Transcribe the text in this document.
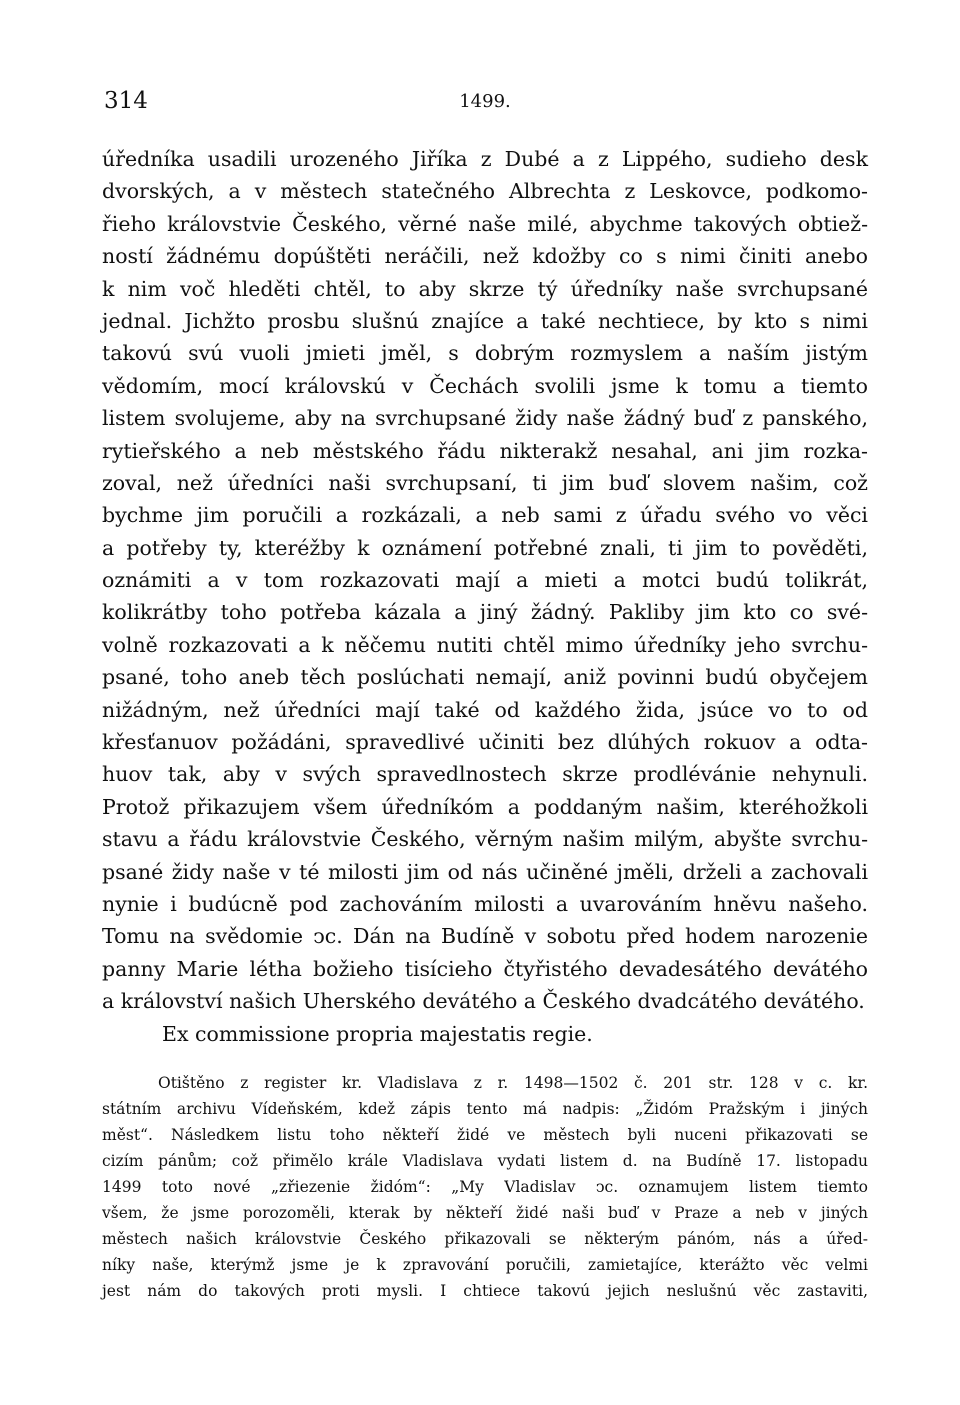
314	1499.
úředníka usadili urozeného Jiříka z Dubé a z Lippého, sudieho desk
dvorských, a v městech statečného Albrechta z Leskovce, podkomo-
řieho královstvie Českého, věrné naše milé, abychme takových obtiež-
ností žádnému dopúštěti neráčili, než kdožby co s nimi činiti anebo
k nim voč hleděti chtěl, to aby skrze tý úředníky naše svrchupsané
jednal. Jichžto prosbu slušnú znajíce a také nechtiece, by kto s nimi
takovú svú vuoli jmieti jměl, s dobrým rozmyslem a naším jistým
vědomím, mocí královskú v Čechách svolili jsme k tomu a tiemto
listem svolujeme, aby na svrchupsané židy naše žádný buď z panského,
rytieřského a neb městského řádu nikterakž nesahal, ani jim rozka-
zoval, než úředníci naši svrchupsaní, ti jim buď slovem našim, což
bychme jim poručili a rozkázali, a neb sami z úřadu svého vo věci
a potřeby ty, kteréžby k oznámení potřebné znali, ti jim to pověděti,
oznámiti a v tom rozkazovati mají a mieti a motci budú tolikrát,
kolikrátby toho potřeba kázala a jiný žádný. Pakliby jim kto co své-
volně rozkazovati a k něčemu nutiti chtěl mimo úředníky jeho svrchu-
psané, toho aneb těch poslúchati nemají, aniž povinni budú obyčejem
nižádným, než úředníci mají také od každého žida, jsúce vo to od
křesťanuov požádáni, spravedlivé učiniti bez dlúhých rokuov a odta-
huov tak, aby v svých spravedlnostech skrze prodlévánie nehynuli.
Protož přikazujem všem úředníkóm a poddaným našim, kteréhožkoli
stavu a řádu královstvie Českého, věrným našim milým, abyšte svrchu-
psané židy naše v té milosti jim od nás učiněné jměli, drželi a zachovali
nynie i budúcně pod zachováním milosti a uvarováním hněvu našeho.
Tomu na svědomie ͻc. Dán na Budíně v sobotu před hodem narozenie
panny Marie létha božieho tisícieho čtyřistého devadesátého devátého
a království našich Uherského devátého a Českého dvadcátého devátého.
Ex commissione propria majestatis regie.
Otištěno z register kr. Vladislava z r. 1498—1502 č. 201 str. 128 v c. kr.
státním archivu Vídeňském, kdež zápis tento má nadpis: „Židóm Pražským i jiných
měst“. Následkem listu toho někteří židé ve městech byli nuceni přikazovati se
cizím pánům; což přimělo krále Vladislava vydati listem d. na Budíně 17. listopadu
1499 toto nové „zřiezenie židóm“: „My Vladislav ͻc. oznamujem listem tiemto
všem, že jsme porozoměli, kterak by někteří židé naši buď v Praze a neb v jiných
městech našich královstvie Českého přikazovali se některým pánóm, nás a úřed-
níky naše, kterýmž jsme je k zpravování poručili, zamietajíce, kterážto věc velmi
jest nám do takových proti mysli. I chtiece takovú jejich neslušnú věc zastaviti,
